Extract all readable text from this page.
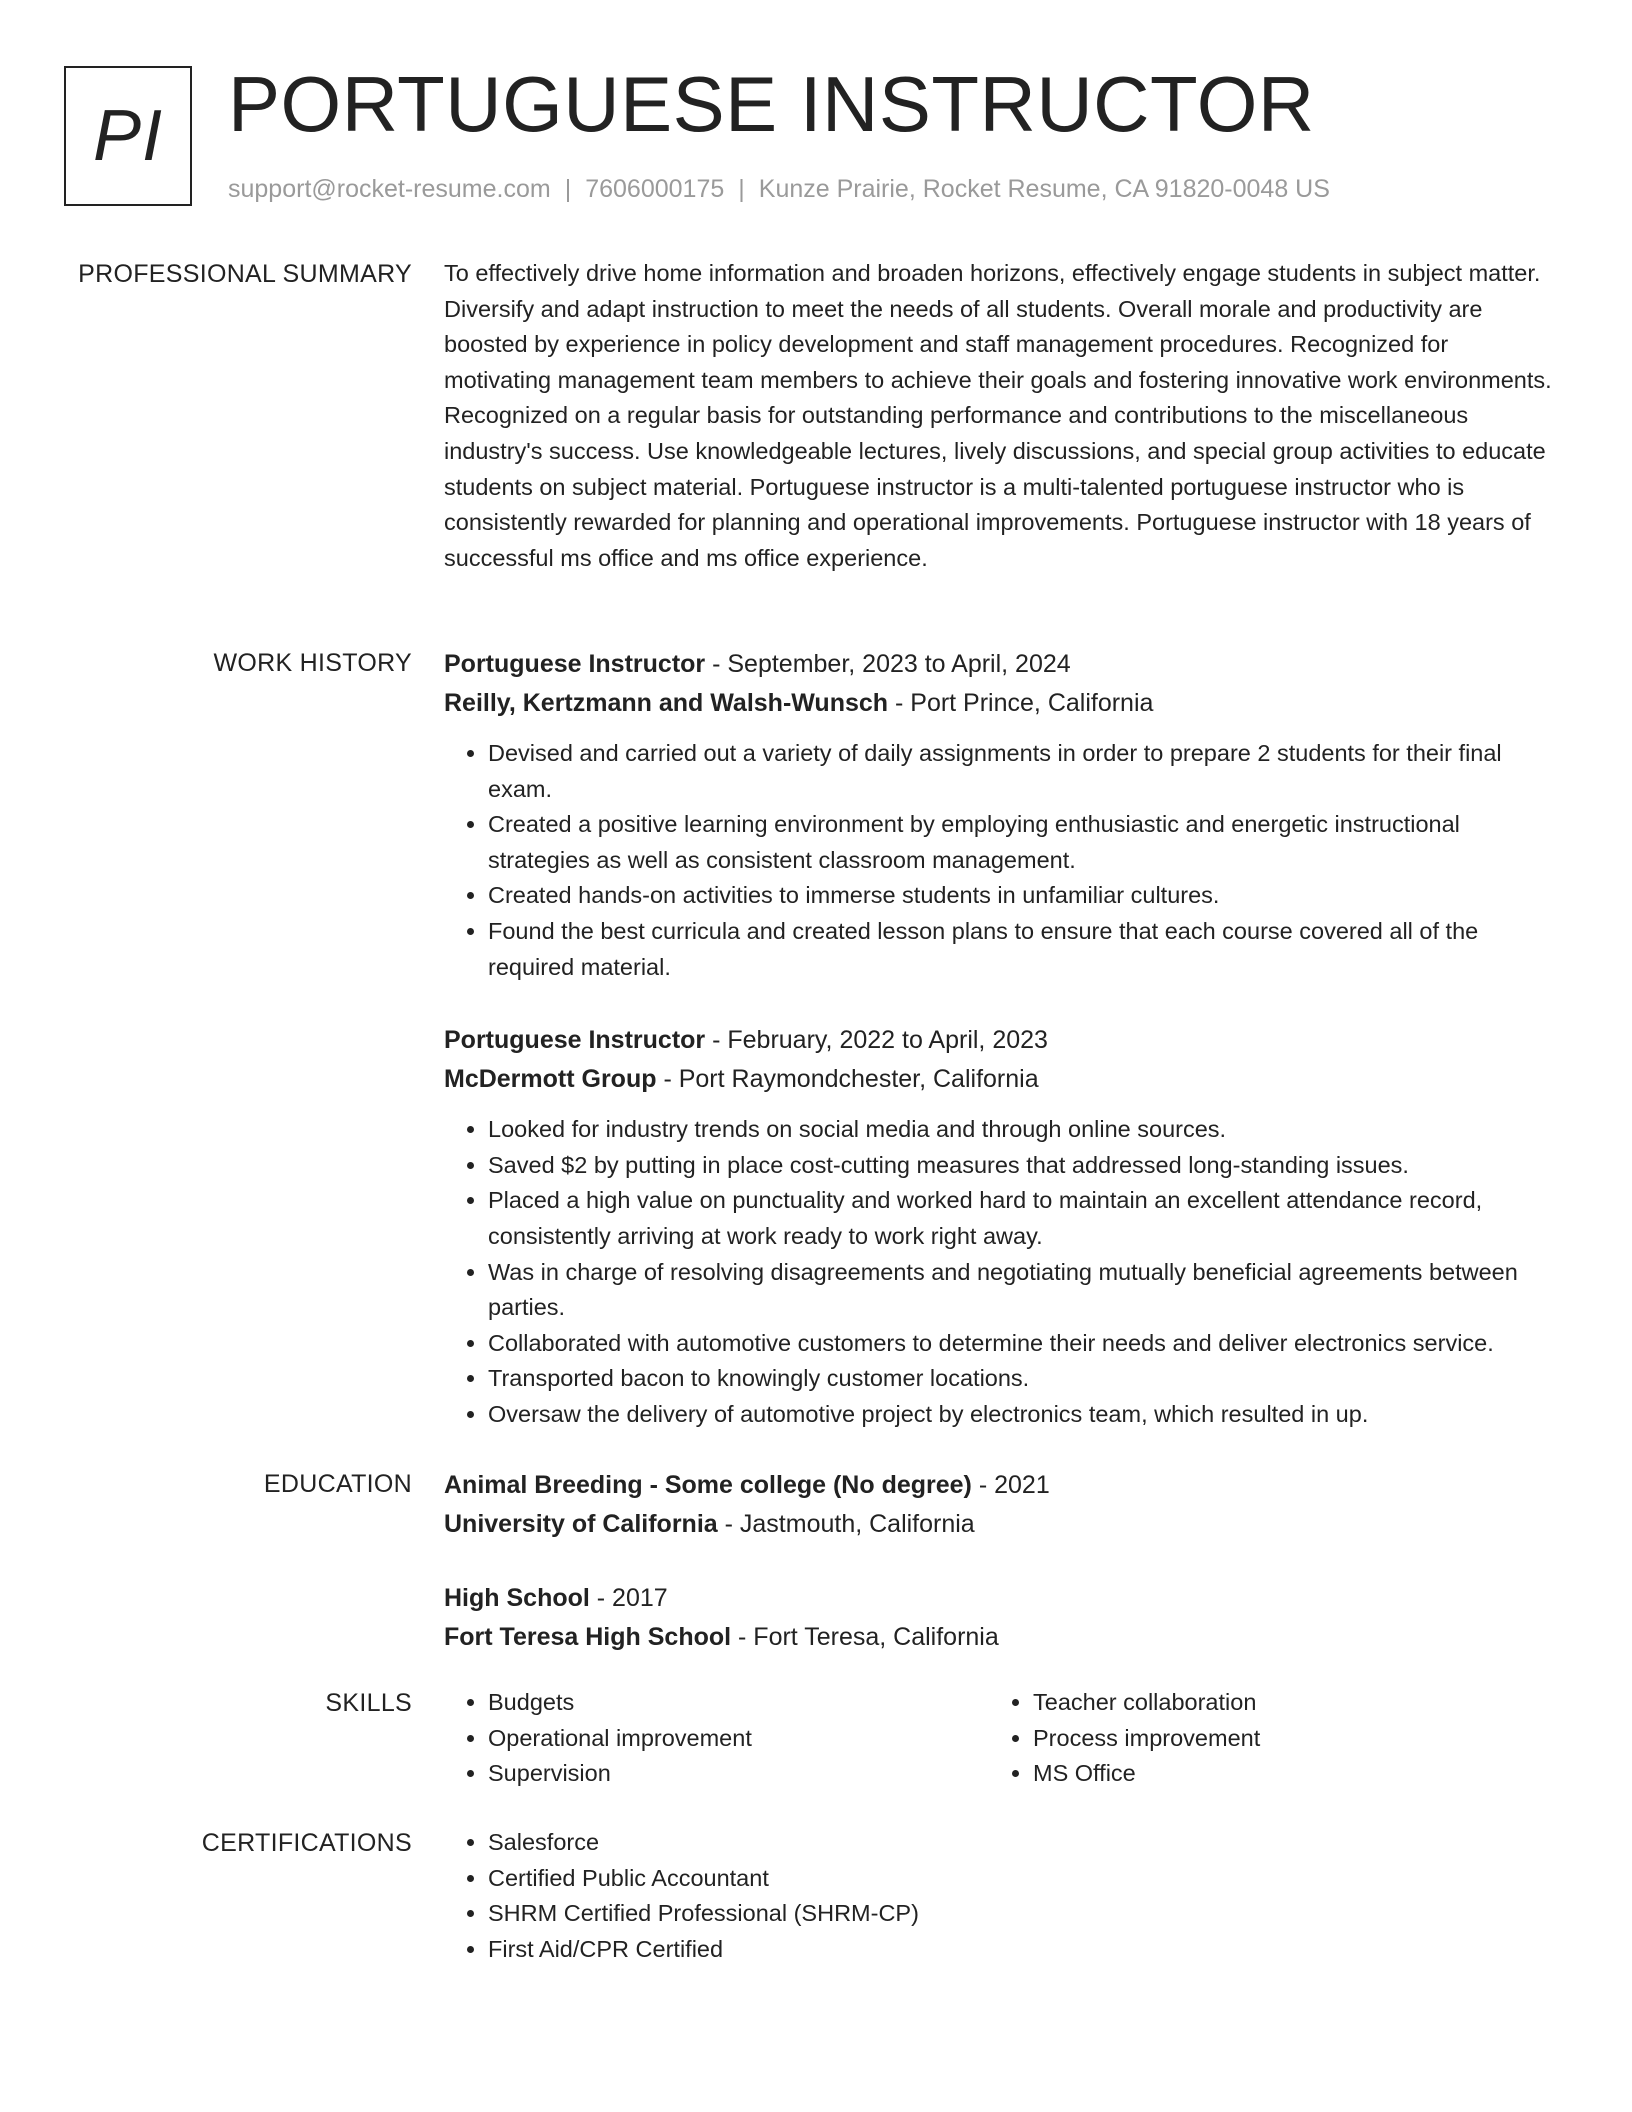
PI PORTUGUESE INSTRUCTOR
support@rocket-resume.com | 7606000175 | Kunze Prairie, Rocket Resume, CA 91820-0048 US
PROFESSIONAL SUMMARY To effectively drive home information and broaden horizons, effectively engage students in subject matter. Diversify and adapt instruction to meet the needs of all students. Overall morale and productivity are boosted by experience in policy development and staff management procedures. Recognized for motivating management team members to achieve their goals and fostering innovative work environments. Recognized on a regular basis for outstanding performance and contributions to the miscellaneous industry's success. Use knowledgeable lectures, lively discussions, and special group activities to educate students on subject material. Portuguese instructor is a multi-talented portuguese instructor who is consistently rewarded for planning and operational improvements. Portuguese instructor with 18 years of successful ms office and ms office experience.

WORK HISTORY Portuguese Instructor - September, 2023 to April, 2024
Reilly, Kertzmann and Walsh-Wunsch - Port Prince, California
• Devised and carried out a variety of daily assignments in order to prepare 2 students for their final exam.
• Created a positive learning environment by employing enthusiastic and energetic instructional strategies as well as consistent classroom management.
• Created hands-on activities to immerse students in unfamiliar cultures.
• Found the best curricula and created lesson plans to ensure that each course covered all of the required material.
Portuguese Instructor - February, 2022 to April, 2023
McDermott Group - Port Raymondchester, California
• Looked for industry trends on social media and through online sources.
• Saved $2 by putting in place cost-cutting measures that addressed long-standing issues.
• Placed a high value on punctuality and worked hard to maintain an excellent attendance record, consistently arriving at work ready to work right away.
• Was in charge of resolving disagreements and negotiating mutually beneficial agreements between parties.
• Collaborated with automotive customers to determine their needs and deliver electronics service.
• Transported bacon to knowingly customer locations.
• Oversaw the delivery of automotive project by electronics team, which resulted in up.
EDUCATION Animal Breeding - Some college (No degree) - 2021
University of California - Jastmouth, California
High School - 2017
Fort Teresa High School - Fort Teresa, California
SKILLS	• Budgets
• Operational improvement
• Supervision
• Teacher collaboration
• Process improvement
• MS Office
CERTIFICATIONS	• Salesforce
• Certified Public Accountant
• SHRM Certified Professional (SHRM-CP)
• First Aid/CPR Certified
